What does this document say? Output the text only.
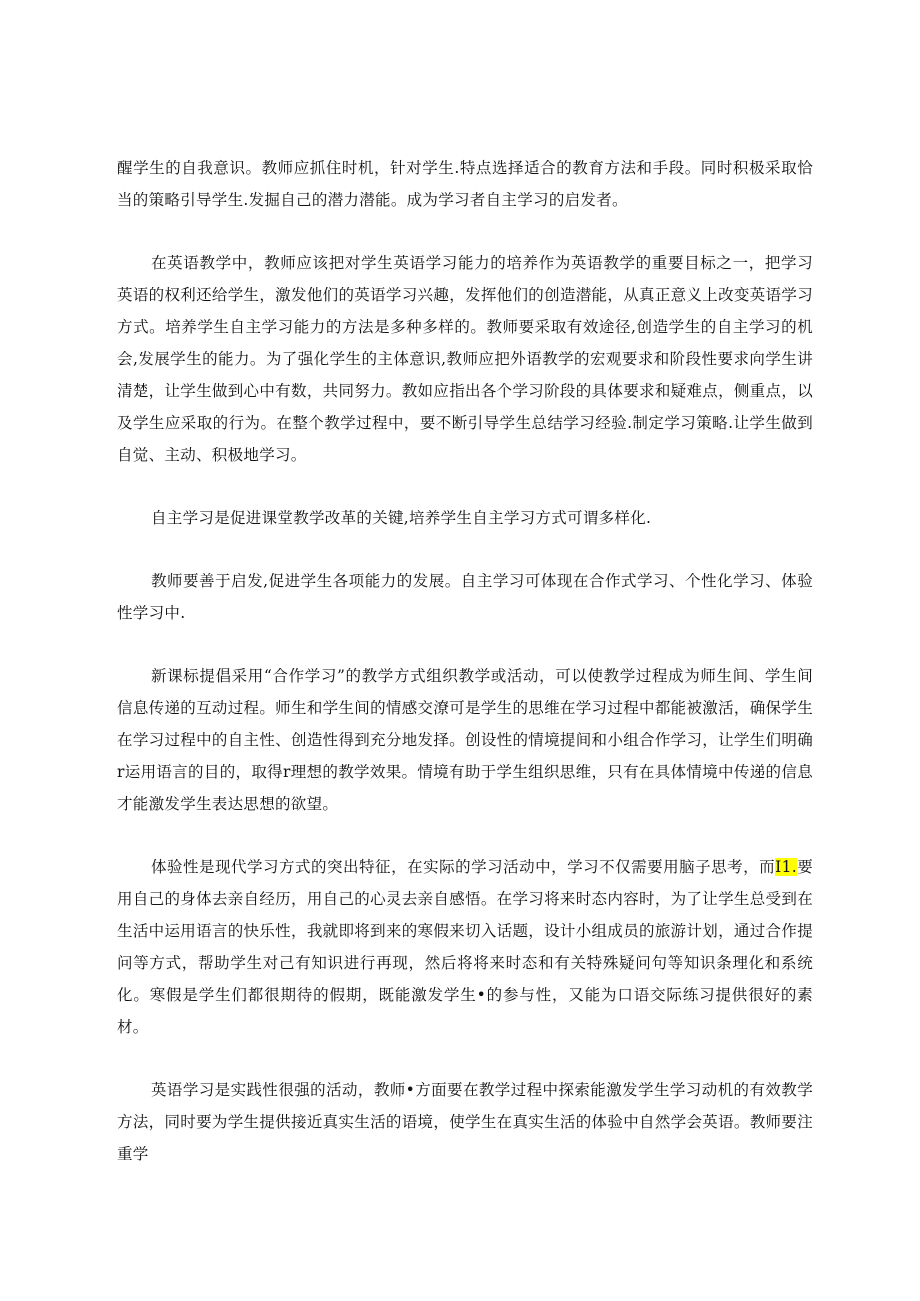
醒学生的自我意识。教师应抓住时机，针对学生.特点选择适合的教育方法和手段。同时积极采取恰当的策略引导学生.发掘自己的潜力潜能。成为学习者自主学习的启发者。

在英语教学中，教师应该把对学生英语学习能力的培养作为英语教学的重要目标之一，把学习英语的权利还给学生，激发他们的英语学习兴趣，发挥他们的创造潜能，从真正意义上改变英语学习方式。培养学生自主学习能力的方法是多种多样的。教师要采取有效途径,创造学生的自主学习的机会,发展学生的能力。为了强化学生的主体意识,教师应把外语教学的宏观要求和阶段性要求向学生讲清楚，让学生做到心中有数，共同努力。教如应指出各个学习阶段的具体要求和疑难点，侧重点，以及学生应采取的行为。在整个教学过程中，要不断引导学生总结学习经验.制定学习策略.让学生做到自觉、主动、积极地学习。

自主学习是促进课堂教学改革的关键,培养学生自主学习方式可谓多样化.

教师要善于启发,促进学生各项能力的发展。自主学习可体现在合作式学习、个性化学习、体验性学习中.

新课标提倡采用“合作学习”的教学方式组织教学或活动，可以使教学过程成为师生间、学生间信息传递的互动过程。师生和学生间的情感交潦可是学生的思维在学习过程中都能被激活，确保学生在学习过程中的自主性、创造性得到充分地发择。创设性的情境提间和小组合作学习，让学生们明确r运用语言的目的，取得r理想的教学效果。情境有助于学生组织思维，只有在具体情境中传递的信息才能激发学生表达思想的欲望。

体验性是现代学习方式的突出特征，在实际的学习活动中，学习不仅需要用脑子思考，而I1.要用自己的身体去亲自经历，用自己的心灵去亲自感悟。在学习将来时态内容时，为了让学生总受到在生活中运用语言的快乐性，我就即将到来的寒假来切入话题，设计小组成员的旅游计划，通过合作提问等方式，帮助学生对己有知识进行再现，然后将将来时态和有关特殊疑问句等知识条理化和系统化。寒假是学生们都很期待的假期，既能激发学生•的参与性，又能为口语交际练习提供很好的素材。

英语学习是实践性很强的活动，教师•方面要在教学过程中探索能激发学生学习动机的有效教学方法，同时要为学生提供接近真实生活的语境，使学生在真实生活的体验中自然学会英语。教师要注重学
